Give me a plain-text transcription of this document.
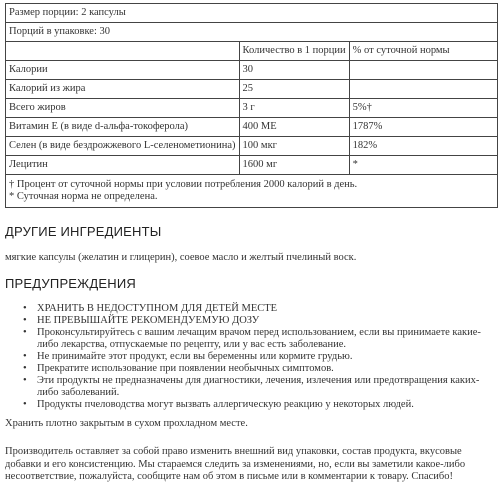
Размер порции: 2 капсулы		
Порций в упаковке: 30		
	Количество в 1 порции	% от суточной нормы
Калории	30	
Калорий из жира	25	
Всего жиров	3 г	5%†
Витамин E (в виде d-альфа-токоферола)	400 МЕ	1787%
Селен (в виде бездрожжевого L-селенометионина)	100 мкг	182%
Лецитин	1600 мг	*

† Процент от суточной нормы при условии потребления 2000 калорий в день.
* Суточная норма не определена.		
ДРУГИЕ ИНГРЕДИЕНТЫ

мягкие капсулы (желатин и глицерин), соевое масло и желтый пчелиный воск.

ПРЕДУПРЕЖДЕНИЯ
• ХРАНИТЬ В НЕДОСТУПНОМ ДЛЯ ДЕТЕЙ МЕСТЕ
• НЕ ПРЕВЫШАЙТЕ РЕКОМЕНДУЕМУЮ ДОЗУ
• Проконсультируйтесь с вашим лечащим врачом перед использованием, если вы принимаете какие-либо лекарства, отпускаемые по рецепту, или у вас есть заболевание.
• Не принимайте этот продукт, если вы беременны или кормите грудью.
• Прекратите использование при появлении необычных симптомов.
• Эти продукты не предназначены для диагностики, лечения, излечения или предотвращения каких-либо заболеваний.
• Продукты пчеловодства могут вызвать аллергическую реакцию у некоторых людей.

Хранить плотно закрытым в сухом прохладном месте.

Производитель оставляет за собой право изменить внешний вид упаковки, состав продукта, вкусовые добавки и его консистенцию. Мы стараемся следить за изменениями, но, если вы заметили какое-либо несоответствие, пожалуйста, сообщите нам об этом в письме или в комментарии к товару. Спасибо!
